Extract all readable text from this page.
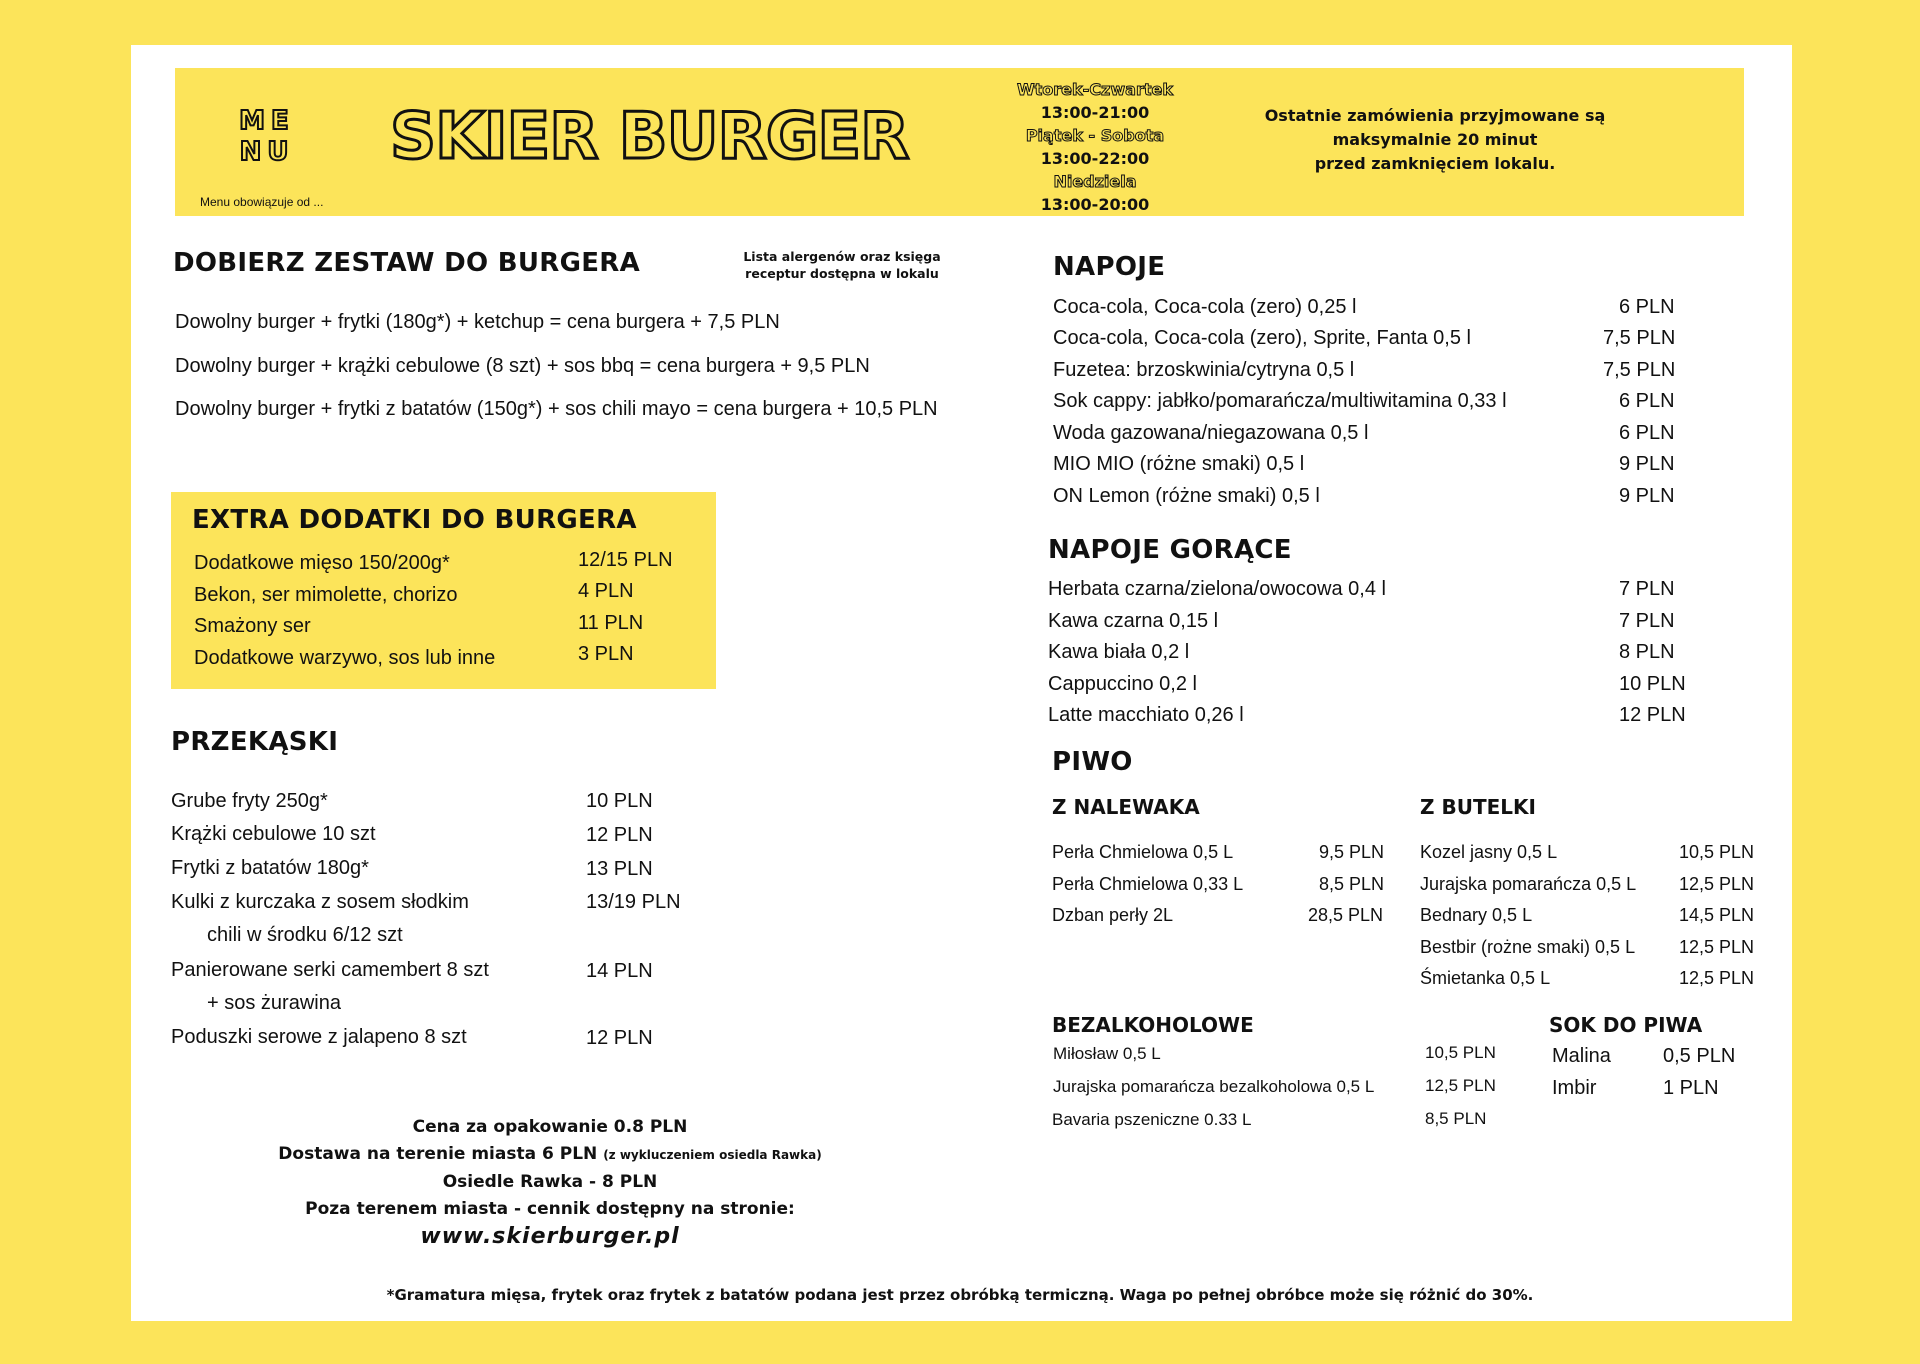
ME
NU
Menu obowiązuje od ...
SKIER BURGER
Wtorek-Czwartek
13:00-21:00
Piątek - Sobota
13:00-22:00
Niedziela
13:00-20:00
Ostatnie zamówienia przyjmowane są
maksymalnie 20 minut
przed zamknięciem lokalu.
DOBIERZ ZESTAW DO BURGERA	Lista alergenów oraz księga
receptur dostępna w lokalu
Dowolny burger + frytki (180g*) + ketchup = cena burgera + 7,5 PLN
Dowolny burger + krążki cebulowe (8 szt) + sos bbq = cena burgera + 9,5 PLN
Dowolny burger + frytki z batatów (150g*) + sos chili mayo = cena burgera + 10,5 PLN
EXTRA DODATKI DO BURGERA
Dodatkowe mięso 150/200g*	12/15 PLN
Bekon, ser mimolette, chorizo	4 PLN
Smażony ser	11 PLN
Dodatkowe warzywo, sos lub inne	3 PLN
PRZEKĄSKI
Grube fryty 250g*	10 PLN
Krążki cebulowe 10 szt	12 PLN
Frytki z batatów 180g*	13 PLN
Kulki z kurczaka z sosem słodkim
chili w środku 6/12 szt
13/19 PLN
Panierowane serki camembert 8 szt
+ sos żurawina
14 PLN
Poduszki serowe z jalapeno 8 szt	12 PLN
Cena za opakowanie 0.8 PLN
Dostawa na terenie miasta 6 PLN (z wykluczeniem osiedla Rawka)
Osiedle Rawka - 8 PLN
Poza terenem miasta - cennik dostępny na stronie:
www.skierburger.pl
NAPOJE
Coca-cola, Coca-cola (zero) 0,25 l	6 PLN
Coca-cola, Coca-cola (zero), Sprite, Fanta 0,5 l	7,5 PLN
Fuzetea: brzoskwinia/cytryna 0,5 l	7,5 PLN
Sok cappy: jabłko/pomarańcza/multiwitamina 0,33 l	6 PLN
Woda gazowana/niegazowana 0,5 l	6 PLN
MIO MIO (różne smaki) 0,5 l	9 PLN
ON Lemon (różne smaki) 0,5 l	9 PLN
NAPOJE GORĄCE
Herbata czarna/zielona/owocowa 0,4 l	7 PLN
Kawa czarna 0,15 l	7 PLN
Kawa biała 0,2 l	8 PLN
Cappuccino 0,2 l	10 PLN
Latte macchiato 0,26 l	12 PLN
PIWO
Z NALEWAKA
Perła Chmielowa 0,5 L	9,5 PLN
Perła Chmielowa 0,33 L	8,5 PLN
Dzban perły 2L	28,5 PLN
Z BUTELKI
Kozel jasny 0,5 L	10,5 PLN
Jurajska pomarańcza 0,5 L 12,5 PLN
Bednary 0,5 L	14,5 PLN
Bestbir (rożne smaki) 0,5 L 12,5 PLN
Śmietanka 0,5 L	12,5 PLN
BEZALKOHOLOWE
Miłosław 0,5 L	10,5 PLN
Jurajska pomarańcza bezalkoholowa 0,5 L	12,5 PLN
Bavaria pszeniczne 0.33 L	8,5 PLN
SOK DO PIWA
Malina	0,5 PLN
Imbir	1 PLN
*Gramatura mięsa, frytek oraz frytek z batatów podana jest przez obróbką termiczną. Waga po pełnej obróbce może się różnić do 30%.
